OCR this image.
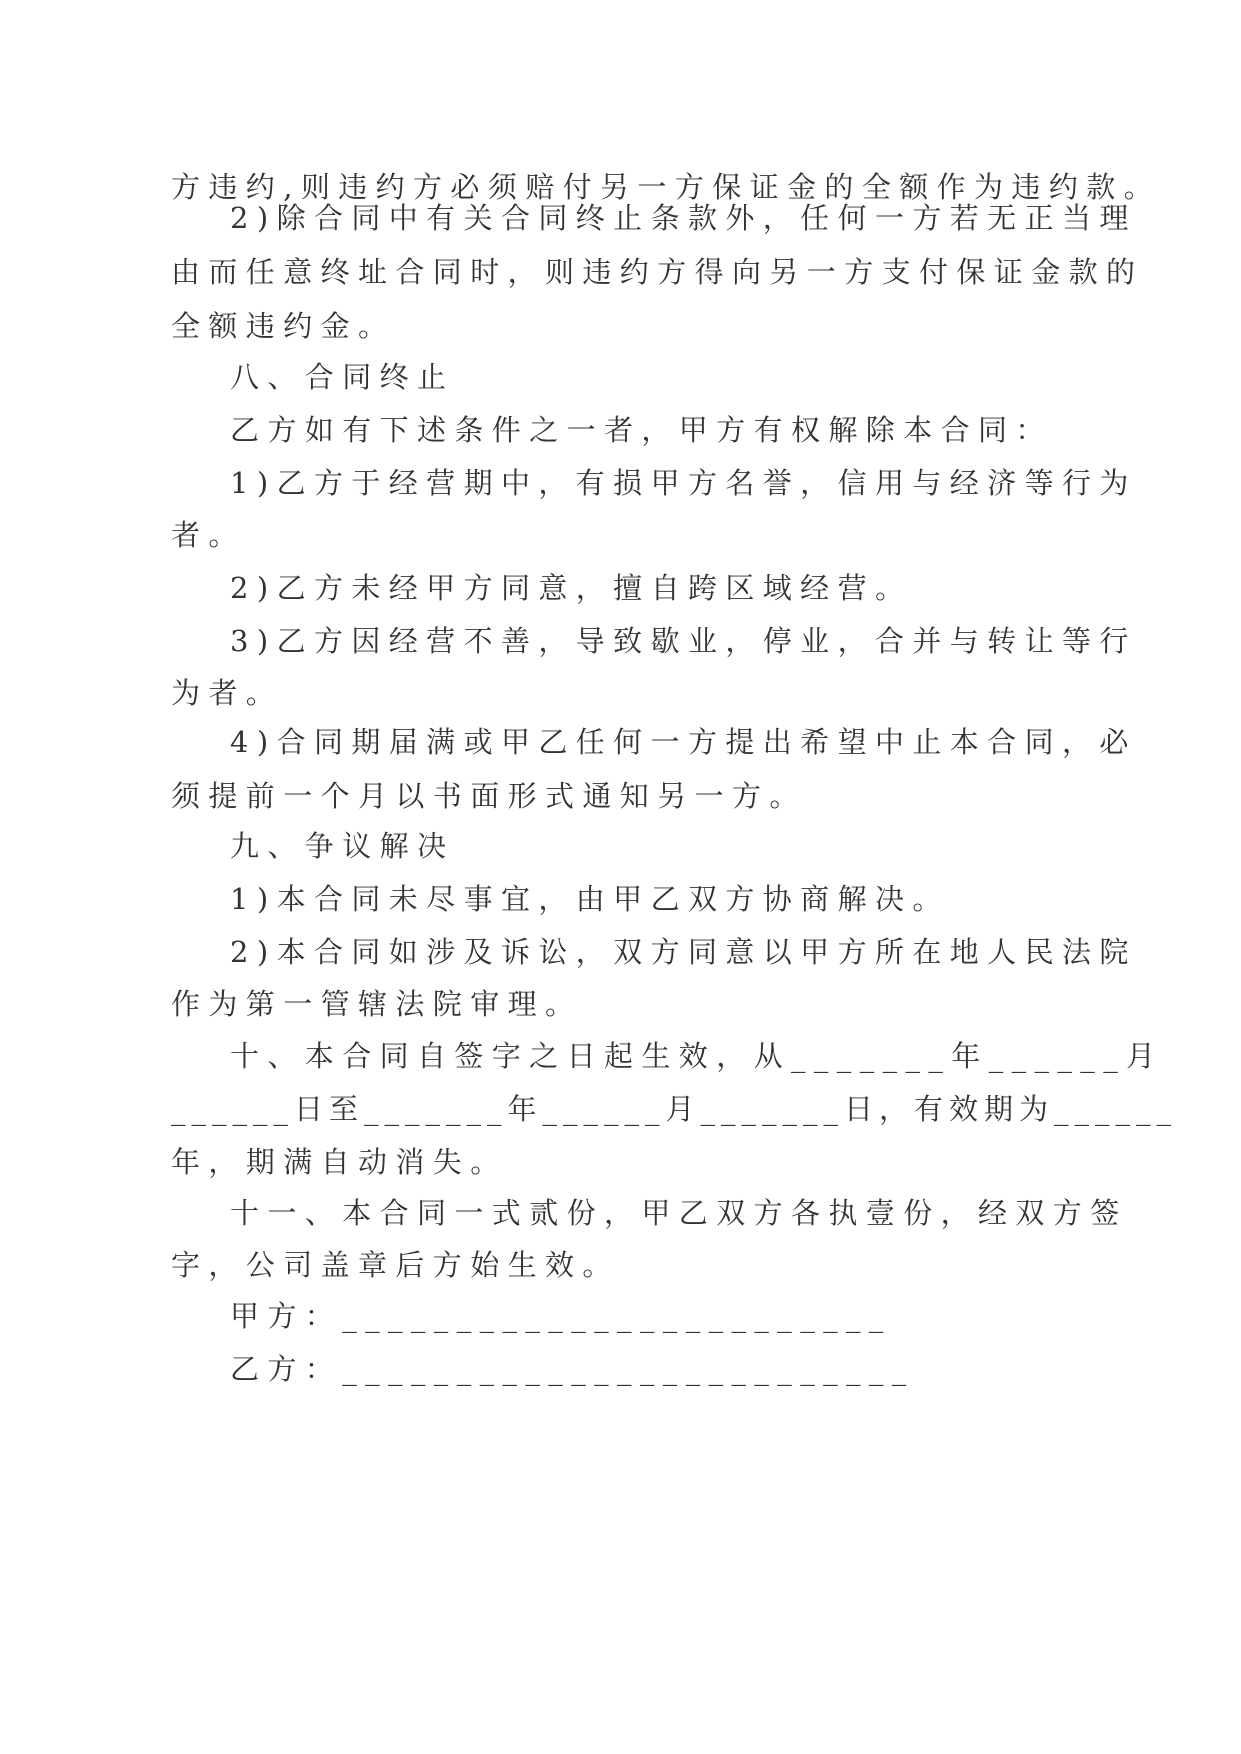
方违约,则违约方必须赔付另一方保证金的全额作为违约款。
2)除合同中有关合同终止条款外，任何一方若无正当理
由而任意终址合同时，则违约方得向另一方支付保证金款的
全额违约金。
八、合同终止
乙方如有下述条件之一者，甲方有权解除本合同：
1)乙方于经营期中，有损甲方名誉，信用与经济等行为
者。
2)乙方未经甲方同意，擅自跨区域经营。
3)乙方因经营不善，导致歇业，停业，合并与转让等行
为者。
4)合同期届满或甲乙任何一方提出希望中止本合同，必
须提前一个月以书面形式通知另一方。
九、争议解决
1)本合同未尽事宜，由甲乙双方协商解决。
2)本合同如涉及诉讼，双方同意以甲方所在地人民法院
作为第一管辖法院审理。
十、本合同自签字之日起生效，从_______年______月
______日至_______年______月_______日，有效期为______
年，期满自动消失。
十一、本合同一式贰份，甲乙双方各执壹份，经双方签
字，公司盖章后方始生效。
甲方：________________________
乙方：_________________________
